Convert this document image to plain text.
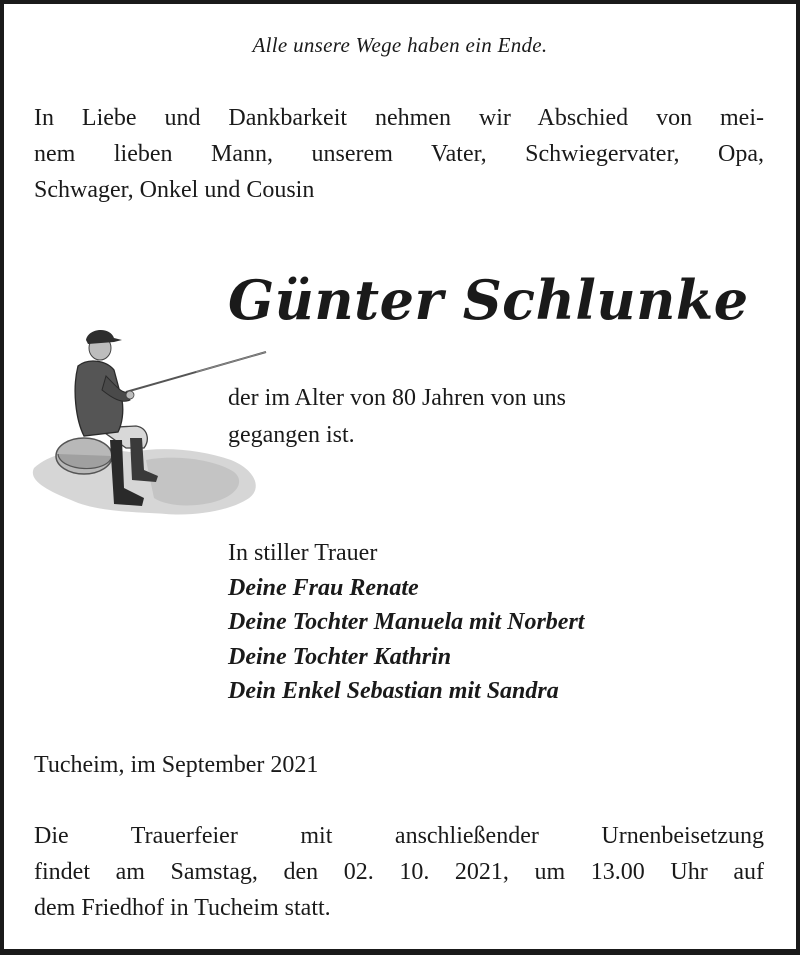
Alle unsere Wege haben ein Ende.
In Liebe und Dankbarkeit nehmen wir Abschied von mei-
nem lieben Mann, unserem Vater, Schwiegervater, Opa,
Schwager, Onkel und Cousin
Günter Schlunke
der im Alter von 80 Jahren von uns
gegangen ist.
In stiller Trauer
Deine Frau Renate
Deine Tochter Manuela mit Norbert
Deine Tochter Kathrin
Dein Enkel Sebastian mit Sandra
Tucheim, im September 2021
Die Trauerfeier mit anschließender Urnenbeisetzung
findet am Samstag, den 02. 10. 2021, um 13.00 Uhr auf
dem Friedhof in Tucheim statt.
